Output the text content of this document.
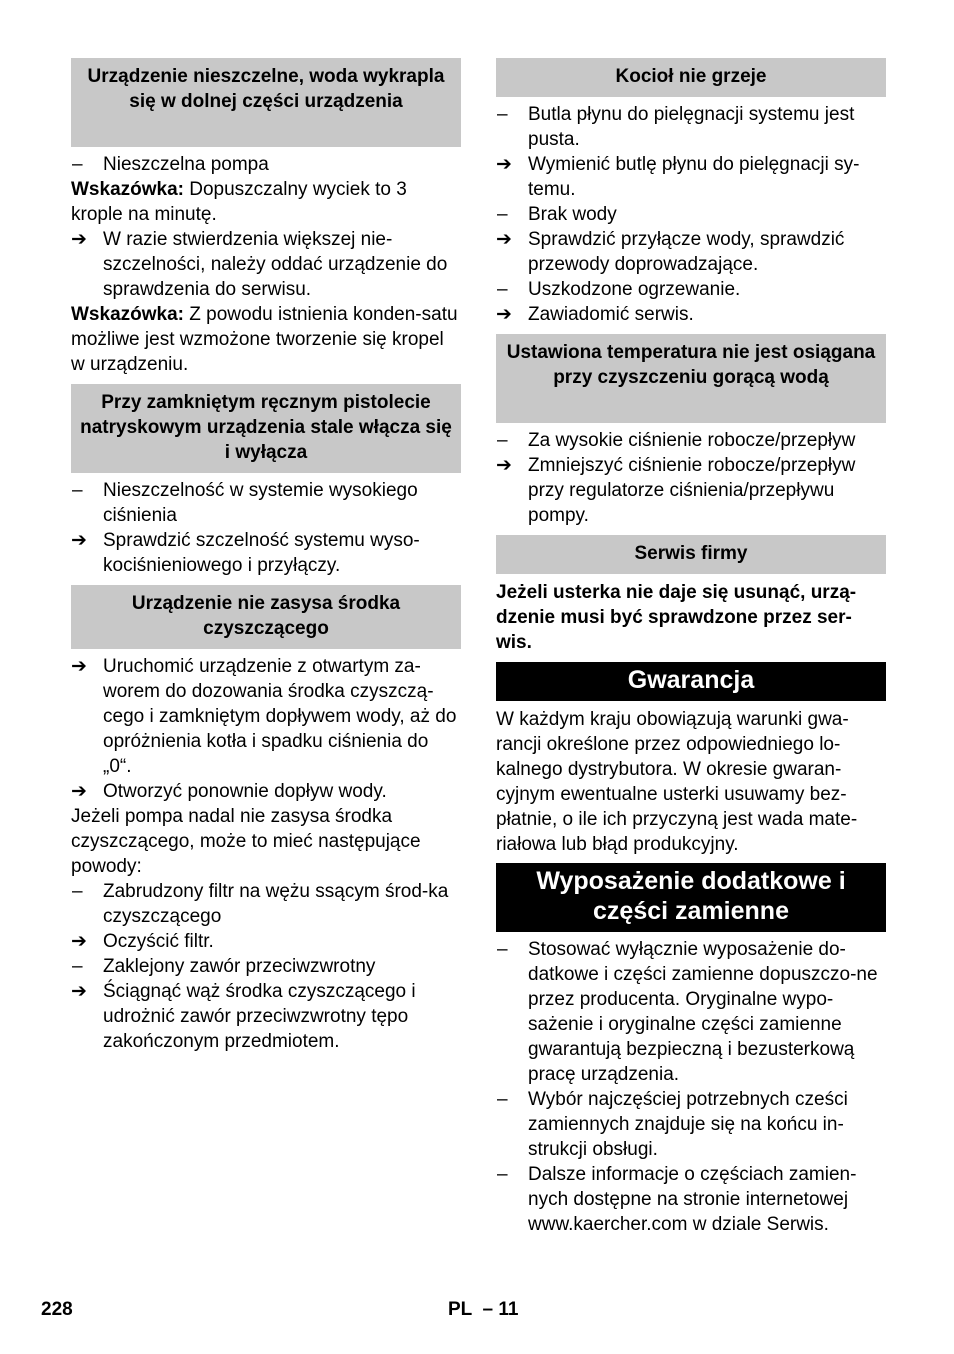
Urządzenie nieszczelne, woda wykrapla się w dolnej części urządzenia
–	Nieszczelna pompa
Wskazówka: Dopuszczalny wyciek to 3 krople na minutę.
➔ W razie stwierdzenia większej nie-szczelności, należy oddać urządzenie do sprawdzenia do serwisu.
Wskazówka: Z powodu istnienia konden-satu możliwe jest wzmożone tworzenie się kropel w urządzeniu.
Przy zamkniętym ręcznym pistolecie natryskowym urządzenia stale włącza się i wyłącza
–	Nieszczelność w systemie wysokiego ciśnienia
➔ Sprawdzić szczelność systemu wyso-kociśnieniowego i przyłączy.
Urządzenie nie zasysa środka czyszczącego
➔ Uruchomić urządzenie z otwartym za-worem do dozowania środka czyszczą-cego i zamkniętym dopływem wody, aż do opróżnienia kotła i spadku ciśnienia do „0“.
➔ Otworzyć ponownie dopływ wody.
Jeżeli pompa nadal nie zasysa środka czyszczącego, może to mieć następujące powody:
–	Zabrudzony filtr na wężu ssącym środ-ka czyszczącego
➔ Oczyścić filtr.
–	Zaklejony zawór przeciwzwrotny
➔ Ściągnąć wąż środka czyszczącego i udrożnić zawór przeciwzwrotny tępo zakończonym przedmiotem.
Kocioł nie grzeje
–	Butla płynu do pielęgnacji systemu jest pusta.
➔ Wymienić butlę płynu do pielęgnacji sy-temu.
–	Brak wody
➔ Sprawdzić przyłącze wody, sprawdzić przewody doprowadzające.
–	Uszkodzone ogrzewanie.
➔ Zawiadomić serwis.
Ustawiona temperatura nie jest osiągana przy czyszczeniu gorącą wodą
–	Za wysokie ciśnienie robocze/przepływ
➔ Zmniejszyć ciśnienie robocze/przepływ przy regulatorze ciśnienia/przepływu pompy.
Serwis firmy
Jeżeli usterka nie daje się usunąć, urzą-dzenie musi być sprawdzone przez ser-wis.
Gwarancja
W każdym kraju obowiązują warunki gwa-rancji określone przez odpowiedniego lo-kalnego dystrybutora. W okresie gwaran-cyjnym ewentualne usterki usuwamy bez-płatnie, o ile ich przyczyną jest wada mate-riałowa lub błąd produkcyjny.
Wyposażenie dodatkowe i części zamienne
–	Stosować wyłącznie wyposażenie do-datkowe i części zamienne dopuszczo-ne przez producenta. Oryginalne wypo-sażenie i oryginalne części zamienne gwarantują bezpieczną i bezusterkową pracę urządzenia.
–	Wybór najczęściej potrzebnych cześci zamiennych znajduje się na końcu in-strukcji obsługi.
–	Dalsze informacje o częściach zamien-nych dostępne na stronie internetowej www.kaercher.com w dziale Serwis.
228	PL  – 11
